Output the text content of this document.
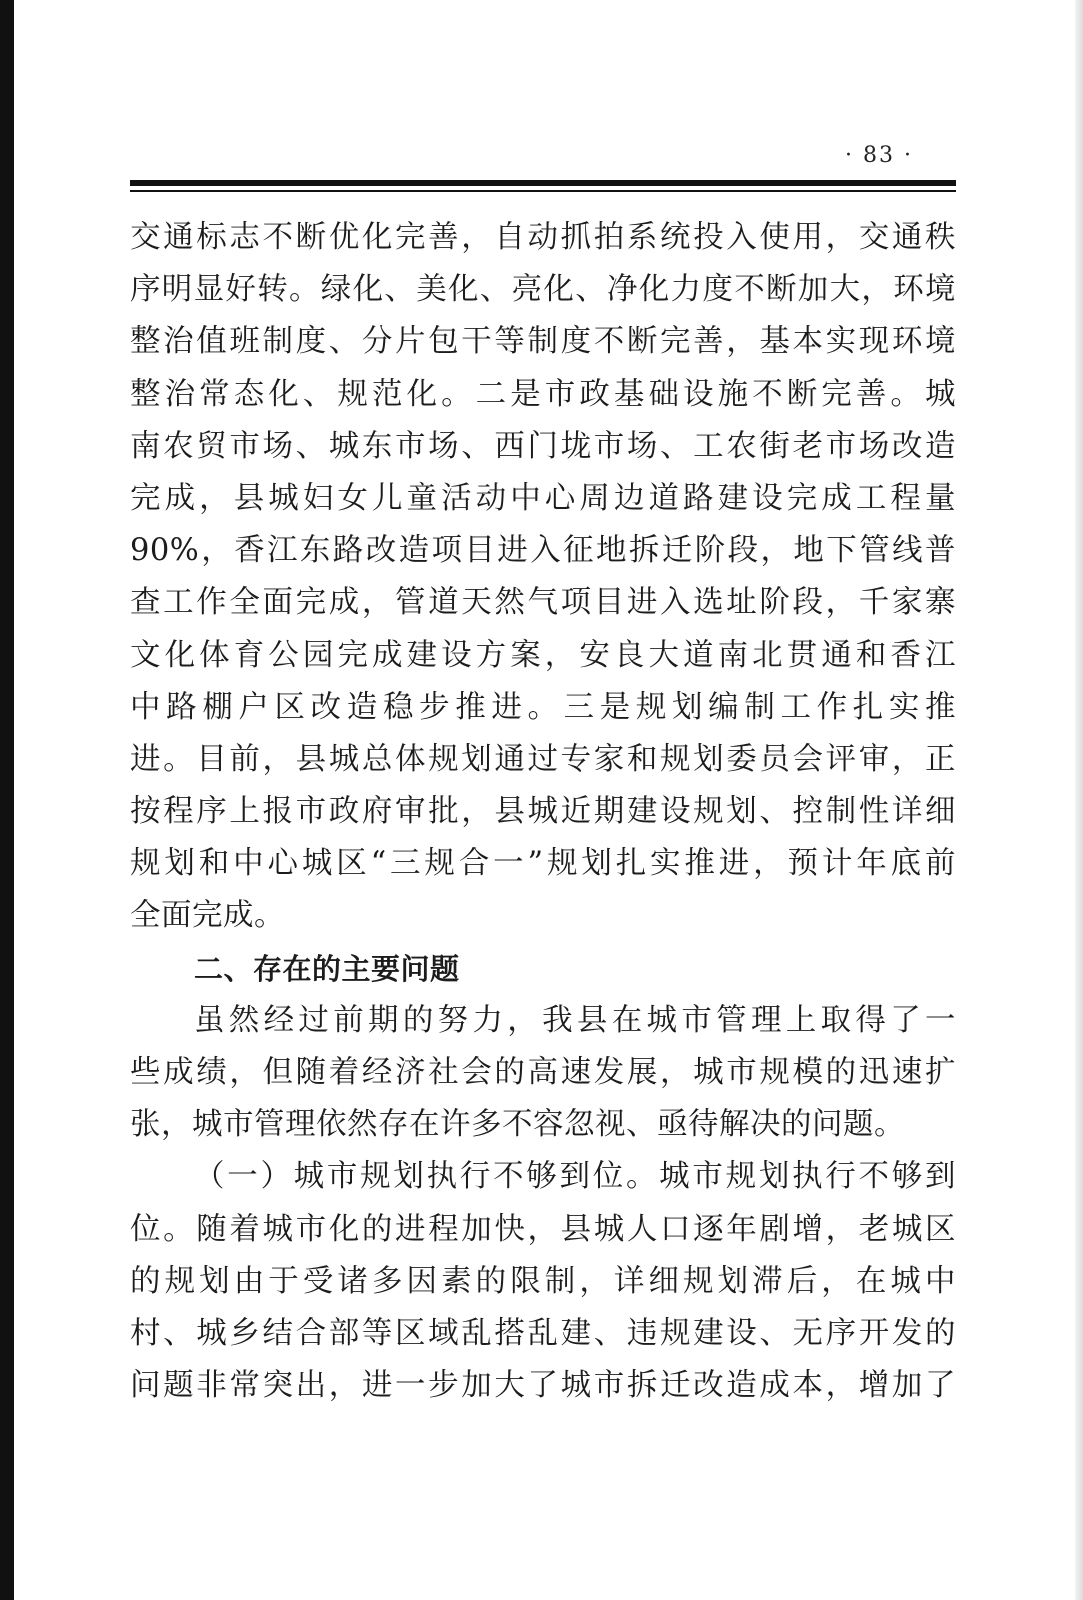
· 83 ·
交通标志不断优化完善，自动抓拍系统投入使用，交通秩
序明显好转。绿化、美化、亮化、净化力度不断加大，环境
整治值班制度、分片包干等制度不断完善，基本实现环境
整治常态化、规范化。二是市政基础设施不断完善。城
南农贸市场、城东市场、西门垅市场、工农街老市场改造
完成，县城妇女儿童活动中心周边道路建设完成工程量
90%，香江东路改造项目进入征地拆迁阶段，地下管线普
查工作全面完成，管道天然气项目进入选址阶段，千家寨
文化体育公园完成建设方案，安良大道南北贯通和香江
中路棚户区改造稳步推进。三是规划编制工作扎实推
进。目前，县城总体规划通过专家和规划委员会评审，正
按程序上报市政府审批，县城近期建设规划、控制性详细
规划和中心城区“三规合一”规划扎实推进，预计年底前
全面完成。
二、存在的主要问题
虽然经过前期的努力，我县在城市管理上取得了一
些成绩，但随着经济社会的高速发展，城市规模的迅速扩
张，城市管理依然存在许多不容忽视、亟待解决的问题。
（一）城市规划执行不够到位。城市规划执行不够到
位。随着城市化的进程加快，县城人口逐年剧增，老城区
的规划由于受诸多因素的限制，详细规划滞后，在城中
村、城乡结合部等区域乱搭乱建、违规建设、无序开发的
问题非常突出，进一步加大了城市拆迁改造成本，增加了
